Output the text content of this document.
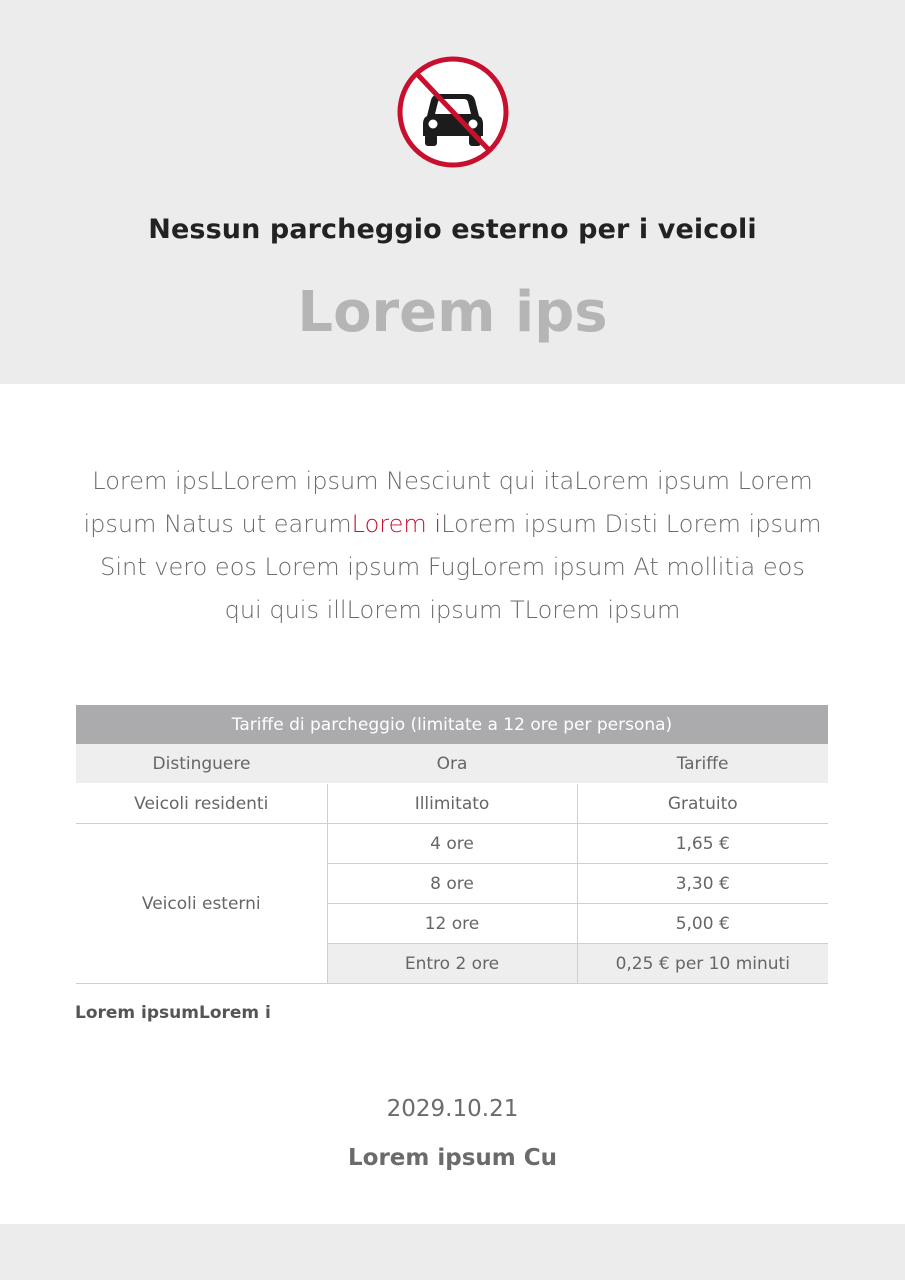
Nessun parcheggio esterno per i veicoli
Lorem ips
Lorem ipsLLorem ipsum Nesciunt qui itaLorem ipsum Lorem ipsum Natus ut earumLorem iLorem ipsum Disti Lorem ipsum Sint vero eos Lorem ipsum FugLorem ipsum At mollitia eos qui quis illLorem ipsum TLorem ipsum
Tariffe di parcheggio (limitate a 12 ore per persona)		
Distinguere	Ora	Tariffe
Veicoli residenti	Illimitato	Gratuito
Veicoli esterni	4 ore	1,65 €
	8 ore	3,30 €
	12 ore	5,00 €
	Entro 2 ore	0,25 € per 10 minuti
Lorem ipsumLorem i
2029.10.21
Lorem ipsum Cu
